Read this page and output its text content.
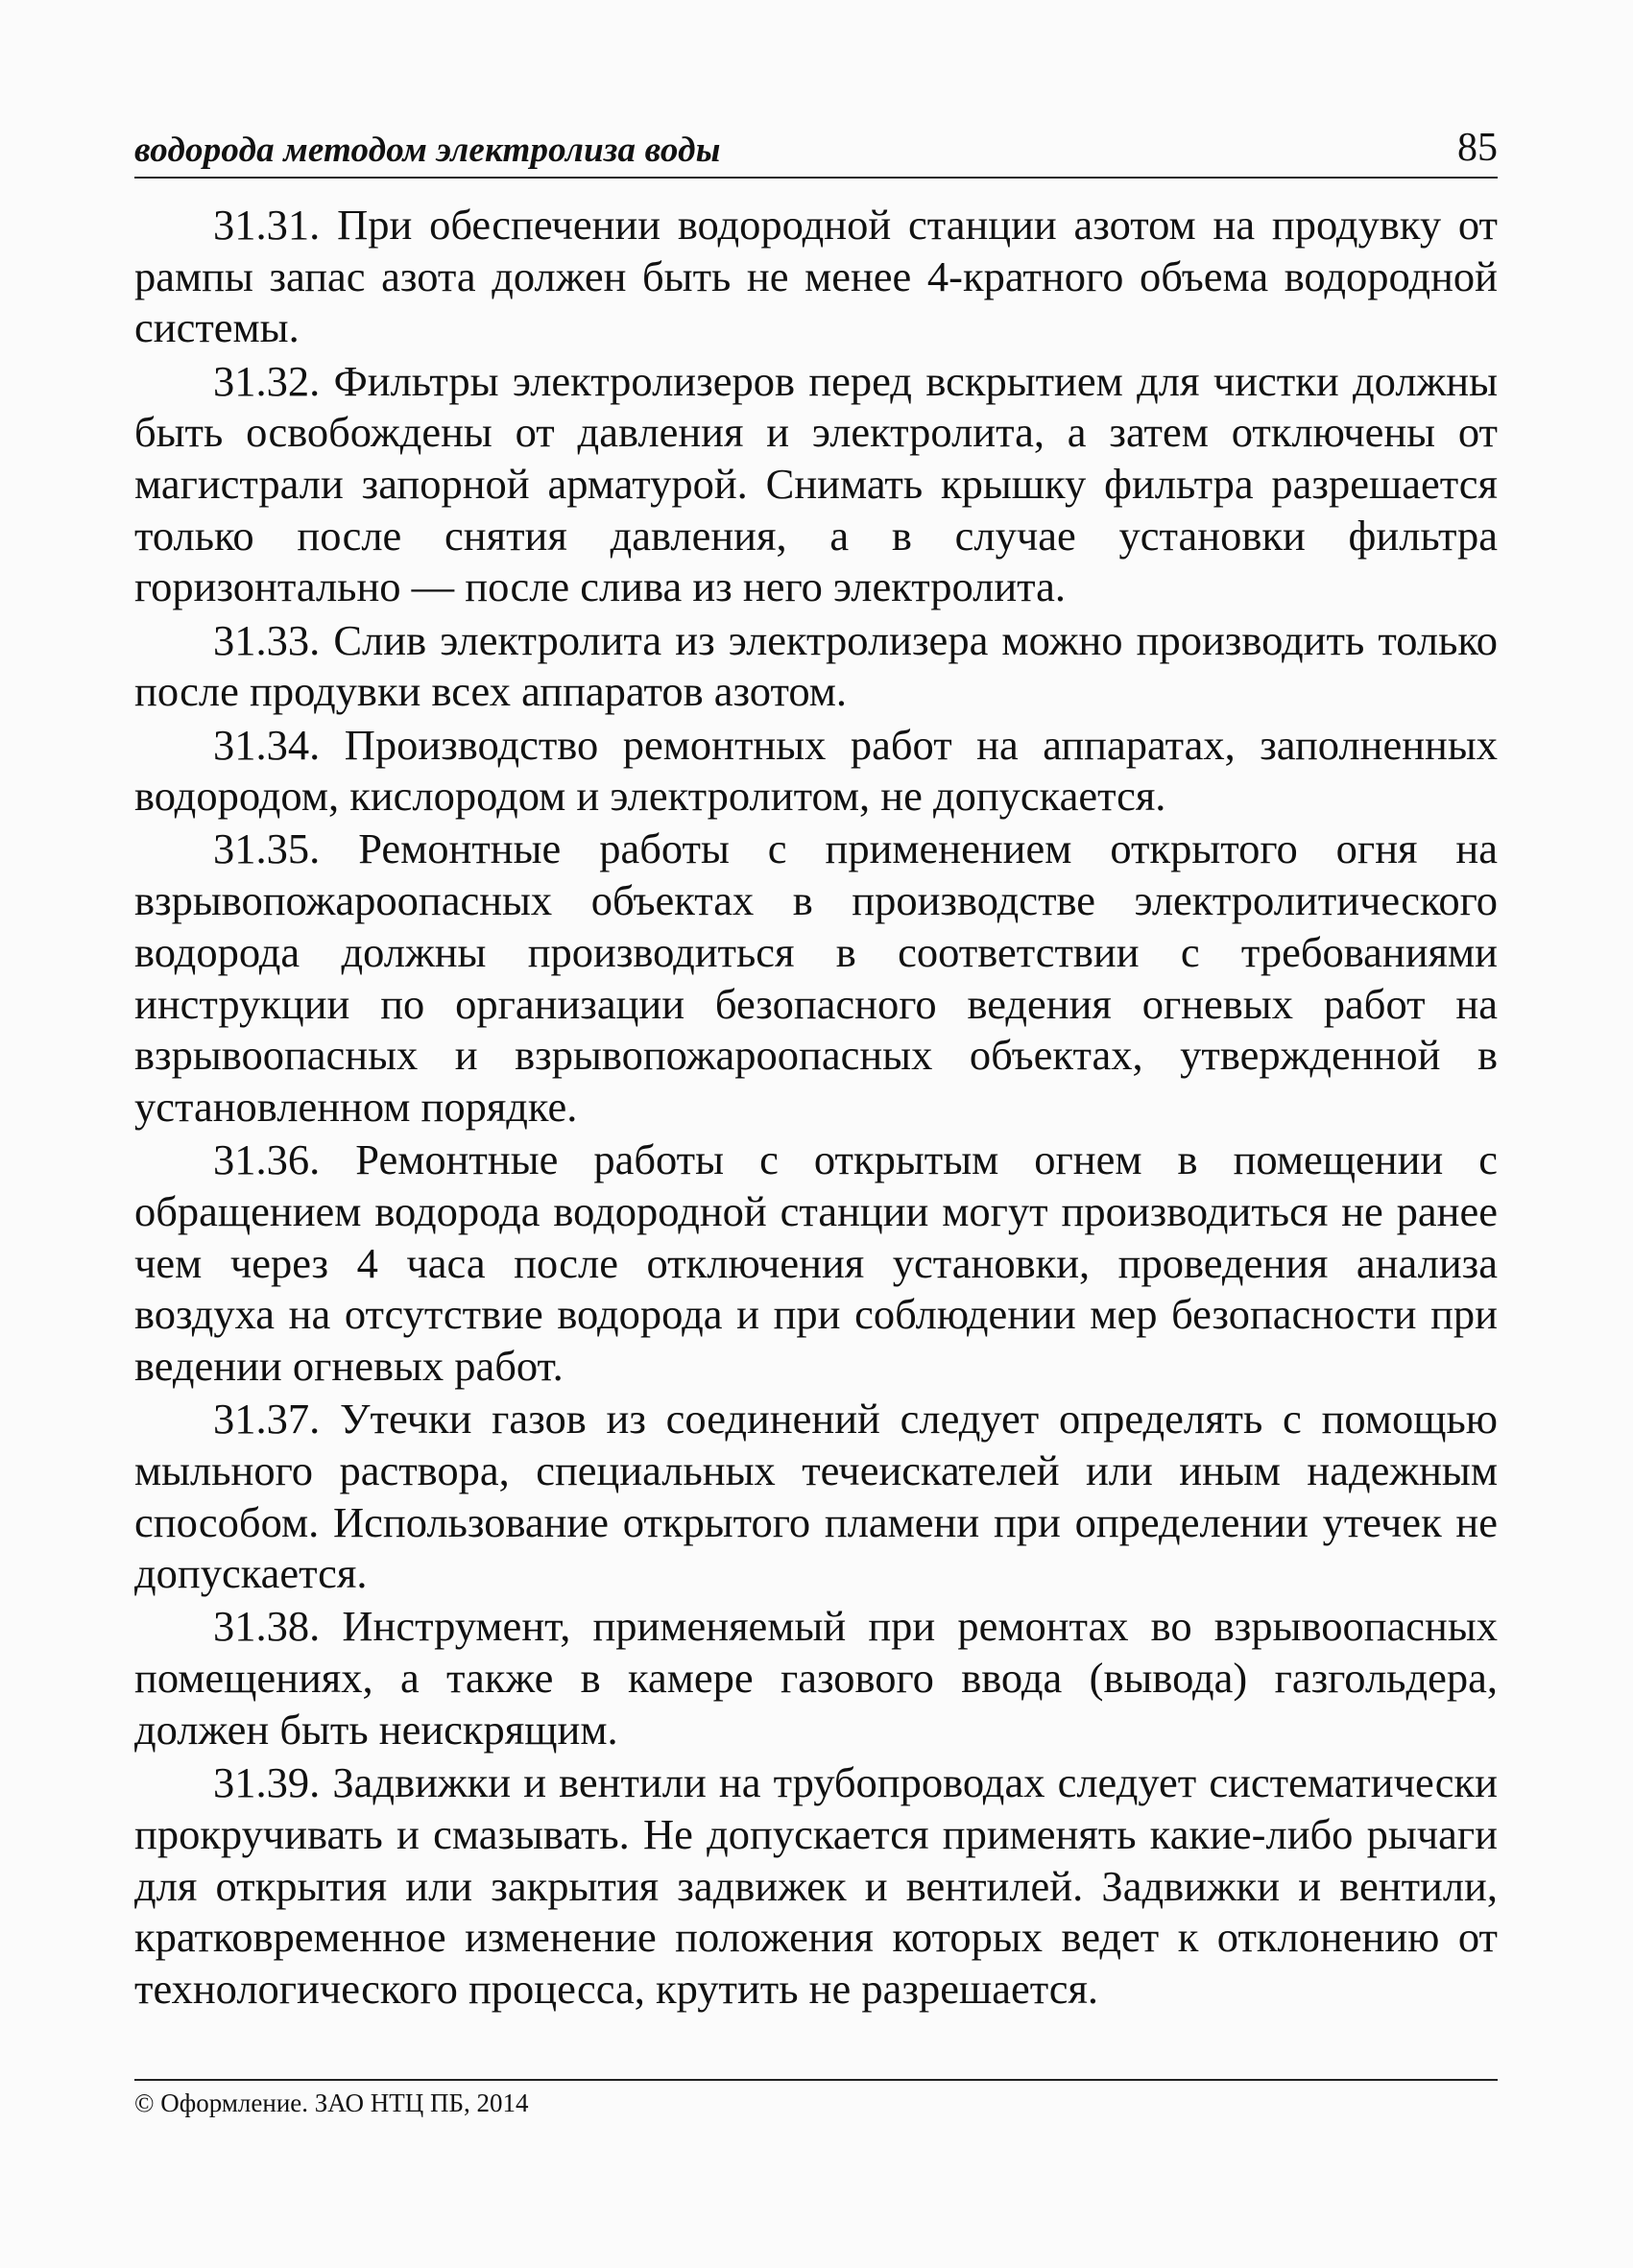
водорода методом электролиза воды	85

31.31. При обеспечении водородной станции азотом на продувку от рампы запас азота должен быть не менее 4-кратного объема водородной системы.

31.32. Фильтры электролизеров перед вскрытием для чистки должны быть освобождены от давления и электролита, а затем отключены от магистрали запорной арматурой. Снимать крышку фильтра разрешается только после снятия давления, а в случае установки фильтра горизонтально — после слива из него электролита.

31.33. Слив электролита из электролизера можно производить только после продувки всех аппаратов азотом.

31.34. Производство ремонтных работ на аппаратах, заполненных водородом, кислородом и электролитом, не допускается.

31.35. Ремонтные работы с применением открытого огня на взрывопожароопасных объектах в производстве электролитического водорода должны производиться в соответствии с требованиями инструкции по организации безопасного ведения огневых работ на взрывоопасных и взрывопожароопасных объектах, утвержденной в установленном порядке.

31.36. Ремонтные работы с открытым огнем в помещении с обращением водорода водородной станции могут производиться не ранее чем через 4 часа после отключения установки, проведения анализа воздуха на отсутствие водорода и при соблюдении мер безопасности при ведении огневых работ.

31.37. Утечки газов из соединений следует определять с помощью мыльного раствора, специальных течеискателей или иным надежным способом. Использование открытого пламени при определении утечек не допускается.

31.38. Инструмент, применяемый при ремонтах во взрывоопасных помещениях, а также в камере газового ввода (вывода) газгольдера, должен быть неискрящим.

31.39. Задвижки и вентили на трубопроводах следует систематически прокручивать и смазывать. Не допускается применять какие-либо рычаги для открытия или закрытия задвижек и вентилей. Задвижки и вентили, кратковременное изменение положения которых ведет к отклонению от технологического процесса, крутить не разрешается.

© Оформление. ЗАО НТЦ ПБ, 2014
